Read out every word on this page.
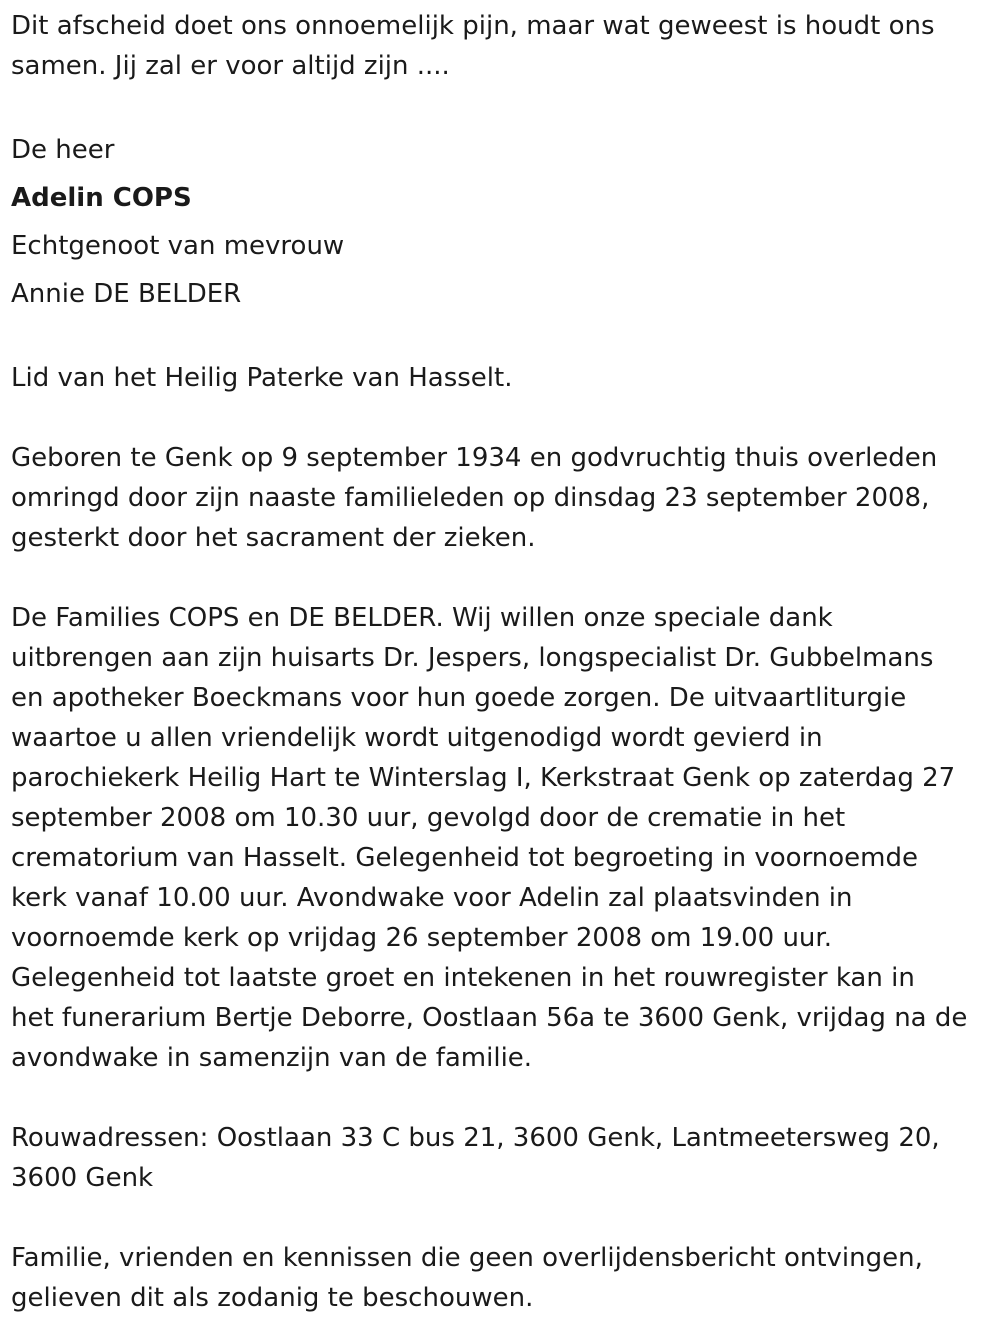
Dit afscheid doet ons onnoemelijk pijn, maar wat geweest is houdt ons
samen. Jij zal er voor altijd zijn ....

De heer
Adelin COPS
Echtgenoot van mevrouw
Annie DE BELDER

Lid van het Heilig Paterke van Hasselt.

Geboren te Genk op 9 september 1934 en godvruchtig thuis overleden
omringd door zijn naaste familieleden op dinsdag 23 september 2008,
gesterkt door het sacrament der zieken.

De Families COPS en DE BELDER. Wij willen onze speciale dank
uitbrengen aan zijn huisarts Dr. Jespers, longspecialist Dr. Gubbelmans
en apotheker Boeckmans voor hun goede zorgen. De uitvaartliturgie
waartoe u allen vriendelijk wordt uitgenodigd wordt gevierd in
parochiekerk Heilig Hart te Winterslag I, Kerkstraat Genk op zaterdag 27
september 2008 om 10.30 uur, gevolgd door de crematie in het
crematorium van Hasselt. Gelegenheid tot begroeting in voornoemde
kerk vanaf 10.00 uur. Avondwake voor Adelin zal plaatsvinden in
voornoemde kerk op vrijdag 26 september 2008 om 19.00 uur.
Gelegenheid tot laatste groet en intekenen in het rouwregister kan in
het funerarium Bertje Deborre, Oostlaan 56a te 3600 Genk, vrijdag na de
avondwake in samenzijn van de familie.

Rouwadressen: Oostlaan 33 C bus 21, 3600 Genk, Lantmeetersweg 20,
3600 Genk

Familie, vrienden en kennissen die geen overlijdensbericht ontvingen,
gelieven dit als zodanig te beschouwen.
